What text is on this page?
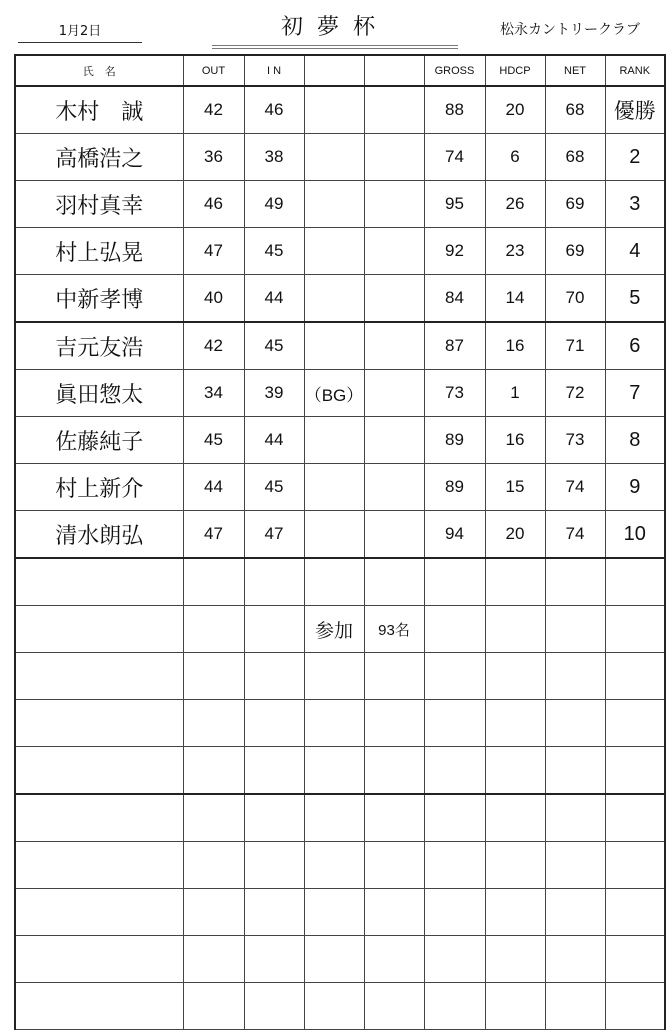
1月2日	初夢杯	松永カントリークラブ
氏　名	OUT	I N			GROSS	HDCP	NET	RANK
木村　誠	42	46			88	20	68	優勝
高橋浩之	36	38			74	6	68	2
羽村真幸	46	49			95	26	69	3
村上弘晃	47	45			92	23	69	4
中新孝博	40	44			84	14	70	5
吉元友浩	42	45			87	16	71	6
眞田惣太	34	39	（BG）		73	1	72	7
佐藤純子	45	44			89	16	73	8
村上新介	44	45			89	15	74	9
清水朗弘	47	47			94	20	74	10

			参加	93名				
